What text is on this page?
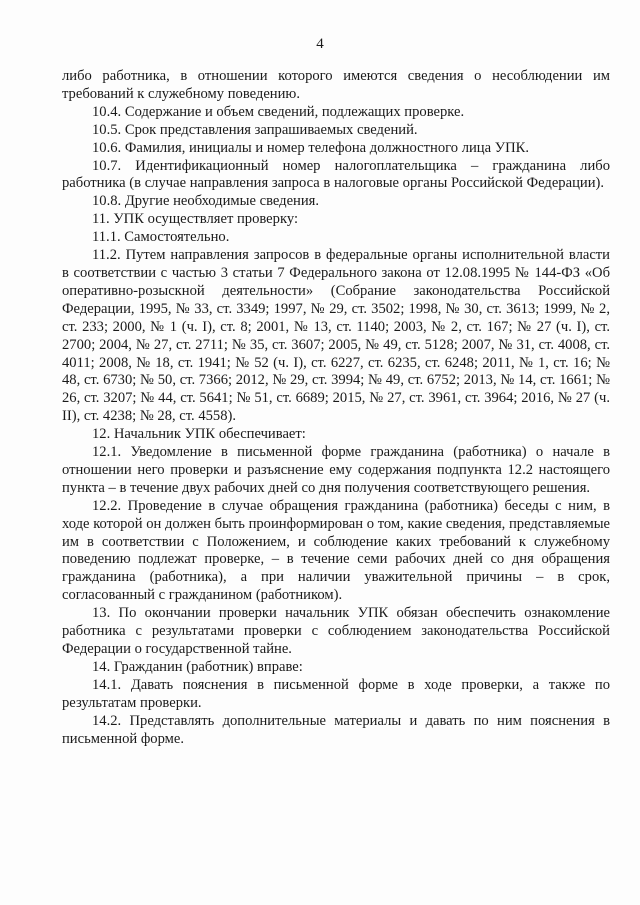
4

либо работника, в отношении которого имеются сведения о несоблюдении им требований к служебному поведению.

10.4. Содержание и объем сведений, подлежащих проверке.

10.5. Срок представления запрашиваемых сведений.

10.6. Фамилия, инициалы и номер телефона должностного лица УПК.

10.7. Идентификационный номер налогоплательщика – гражданина либо работника (в случае направления запроса в налоговые органы Российской Федерации).

10.8. Другие необходимые сведения.

11. УПК осуществляет проверку:

11.1. Самостоятельно.

11.2. Путем направления запросов в федеральные органы исполнительной власти в соответствии с частью 3 статьи 7 Федерального закона от 12.08.1995 № 144-ФЗ «Об оперативно-розыскной деятельности» (Собрание законодательства Российской Федерации, 1995, № 33, ст. 3349; 1997, № 29, ст. 3502; 1998, № 30, ст. 3613; 1999, № 2, ст. 233; 2000, № 1 (ч. I), ст. 8; 2001, № 13, ст. 1140; 2003, № 2, ст. 167; № 27 (ч. I), ст. 2700; 2004, № 27, ст. 2711; № 35, ст. 3607; 2005, № 49, ст. 5128; 2007, № 31, ст. 4008, ст. 4011; 2008, № 18, ст. 1941; № 52 (ч. I), ст. 6227, ст. 6235, ст. 6248; 2011, № 1, ст. 16; № 48, ст. 6730; № 50, ст. 7366; 2012, № 29, ст. 3994; № 49, ст. 6752; 2013, № 14, ст. 1661; № 26, ст. 3207; № 44, ст. 5641; № 51, ст. 6689; 2015, № 27, ст. 3961, ст. 3964; 2016, № 27 (ч. II), ст. 4238; № 28, ст. 4558).

12. Начальник УПК обеспечивает:

12.1. Уведомление в письменной форме гражданина (работника) о начале в отношении него проверки и разъяснение ему содержания подпункта 12.2 настоящего пункта – в течение двух рабочих дней со дня получения соответствующего решения.

12.2. Проведение в случае обращения гражданина (работника) беседы с ним, в ходе которой он должен быть проинформирован о том, какие сведения, представляемые им в соответствии с Положением, и соблюдение каких требований к служебному поведению подлежат проверке, – в течение семи рабочих дней со дня обращения гражданина (работника), а при наличии уважительной причины – в срок, согласованный с гражданином (работником).

13. По окончании проверки начальник УПК обязан обеспечить ознакомление работника с результатами проверки с соблюдением законодательства Российской Федерации о государственной тайне.

14. Гражданин (работник) вправе:

14.1. Давать пояснения в письменной форме в ходе проверки, а также по результатам проверки.

14.2. Представлять дополнительные материалы и давать по ним пояснения в письменной форме.
